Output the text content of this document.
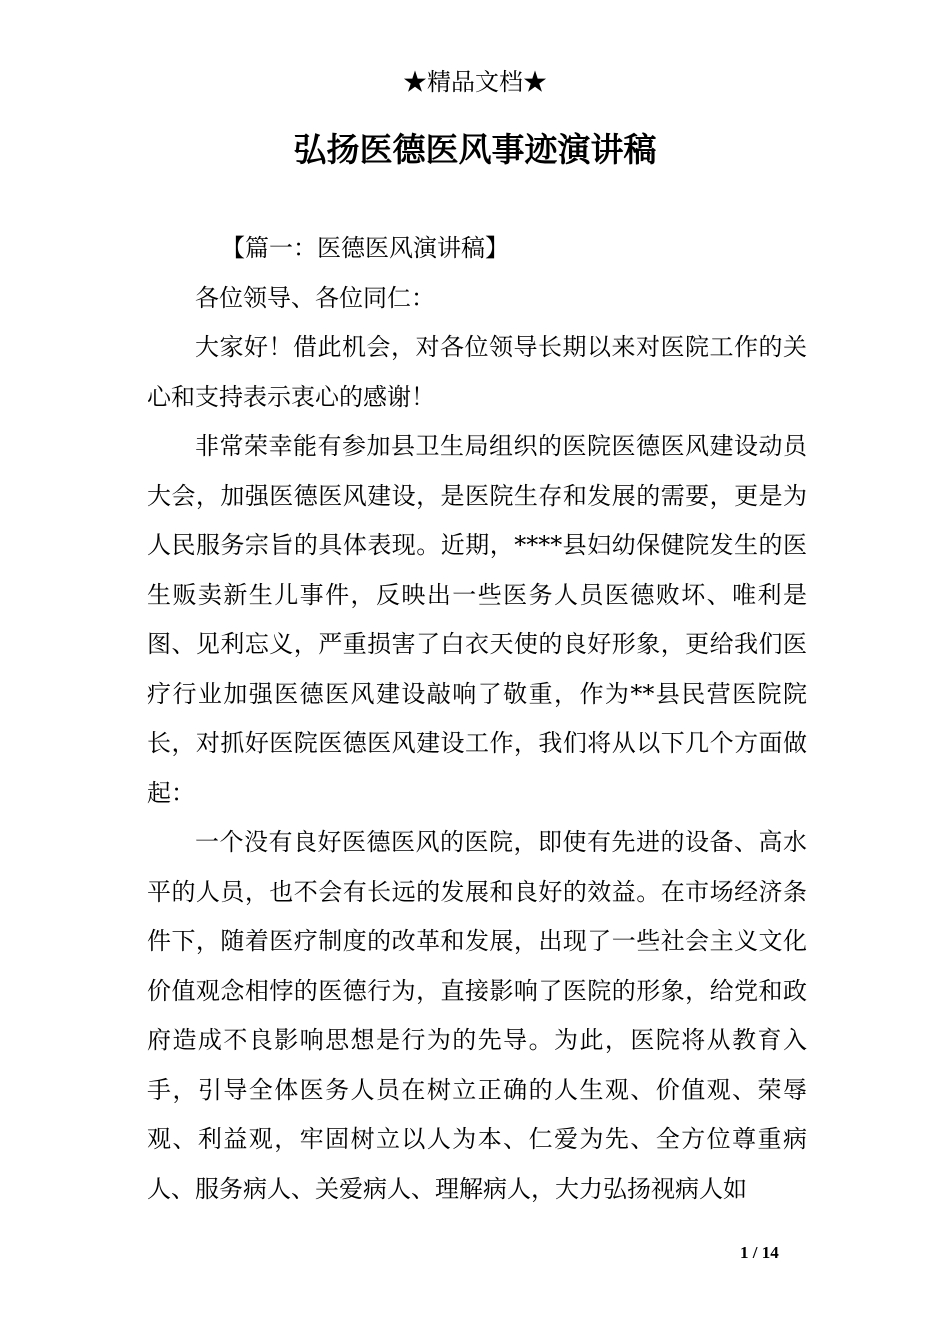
★精品文档★
弘扬医德医风事迹演讲稿

【篇一：医德医风演讲稿】

各位领导、各位同仁：

大家好！借此机会，对各位领导长期以来对医院工作的关心和支持表示衷心的感谢！

非常荣幸能有参加县卫生局组织的医院医德医风建设动员大会，加强医德医风建设，是医院生存和发展的需要，更是为人民服务宗旨的具体表现。近期，****县妇幼保健院发生的医生贩卖新生儿事件，反映出一些医务人员医德败坏、唯利是图、见利忘义，严重损害了白衣天使的良好形象，更给我们医疗行业加强医德医风建设敲响了敬重，作为**县民营医院院长，对抓好医院医德医风建设工作，我们将从以下几个方面做起：

一个没有良好医德医风的医院，即使有先进的设备、高水平的人员，也不会有长远的发展和良好的效益。在市场经济条件下，随着医疗制度的改革和发展，出现了一些社会主义文化价值观念相悖的医德行为，直接影响了医院的形象，给党和政府造成不良影响思想是行为的先导。为此，医院将从教育入手，引导全体医务人员在树立正确的人生观、价值观、荣辱观、利益观，牢固树立以人为本、仁爱为先、全方位尊重病人、服务病人、关爱病人、理解病人，大力弘扬视病人如

1 / 14
